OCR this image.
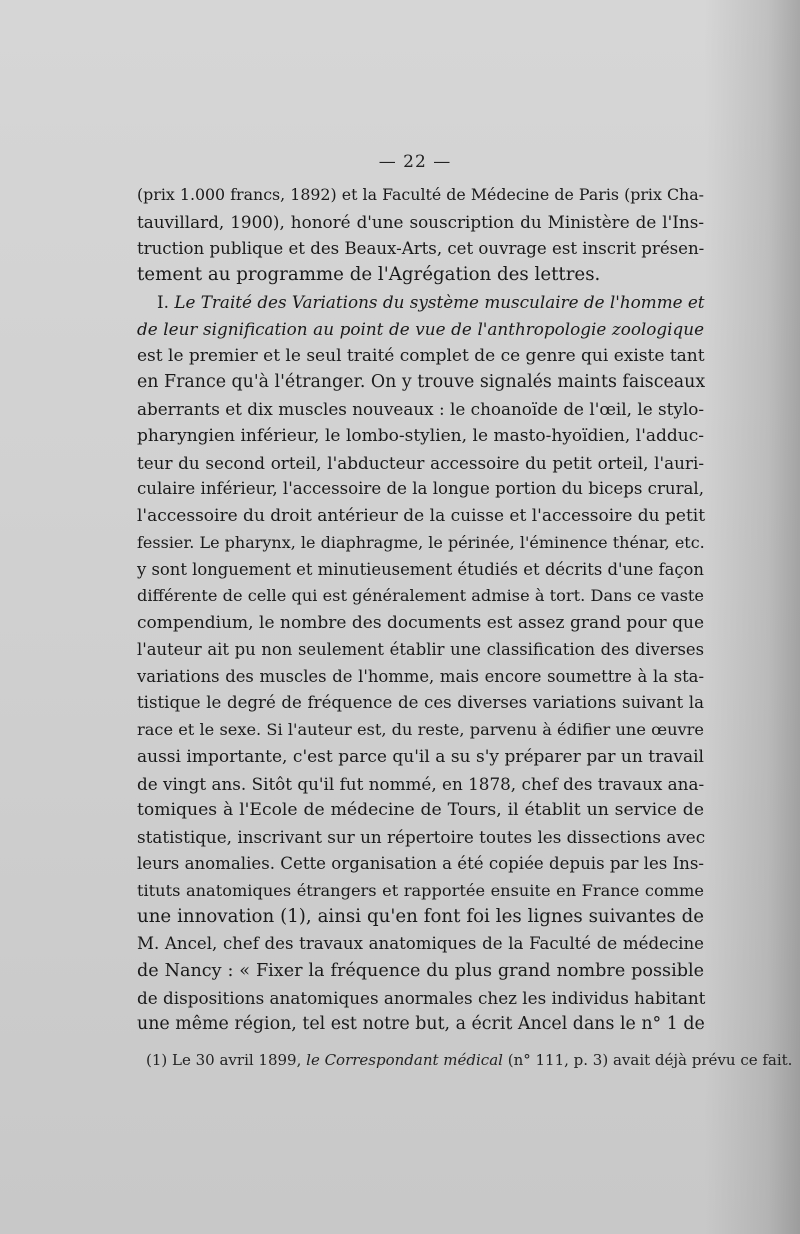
— 22 —
(prix 1.000 francs, 1892) et la Faculté de Médecine de Paris (prix Cha-
tauvillard, 1900), honoré d'une souscription du Ministère de l'Ins-
truction publique et des Beaux-Arts, cet ouvrage est inscrit présen-
tement au programme de l'Agrégation des lettres.
I. Le Traité des Variations du système musculaire de l'homme et
de leur signification au point de vue de l'anthropologie zoologique
est le premier et le seul traité complet de ce genre qui existe tant
en France qu'à l'étranger. On y trouve signalés maints faisceaux
aberrants et dix muscles nouveaux : le choanoïde de l'œil, le stylo-
pharyngien inférieur, le lombo-stylien, le masto-hyoïdien, l'adduc-
teur du second orteil, l'abducteur accessoire du petit orteil, l'auri-
culaire inférieur, l'accessoire de la longue portion du biceps crural,
l'accessoire du droit antérieur de la cuisse et l'accessoire du petit
fessier. Le pharynx, le diaphragme, le périnée, l'éminence thénar, etc.
y sont longuement et minutieusement étudiés et décrits d'une façon
différente de celle qui est généralement admise à tort. Dans ce vaste
compendium, le nombre des documents est assez grand pour que
l'auteur ait pu non seulement établir une classification des diverses
variations des muscles de l'homme, mais encore soumettre à la sta-
tistique le degré de fréquence de ces diverses variations suivant la
race et le sexe. Si l'auteur est, du reste, parvenu à édifier une œuvre
aussi importante, c'est parce qu'il a su s'y préparer par un travail
de vingt ans. Sitôt qu'il fut nommé, en 1878, chef des travaux ana-
tomiques à l'Ecole de médecine de Tours, il établit un service de
statistique, inscrivant sur un répertoire toutes les dissections avec
leurs anomalies. Cette organisation a été copiée depuis par les Ins-
tituts anatomiques étrangers et rapportée ensuite en France comme
une innovation (1), ainsi qu'en font foi les lignes suivantes de
M. Ancel, chef des travaux anatomiques de la Faculté de médecine
de Nancy : « Fixer la fréquence du plus grand nombre possible
de dispositions anatomiques anormales chez les individus habitant
une même région, tel est notre but, a écrit Ancel dans le n° 1 de
(1) Le 30 avril 1899, le Correspondant médical (n° 111, p. 3) avait déjà prévu ce fait.
